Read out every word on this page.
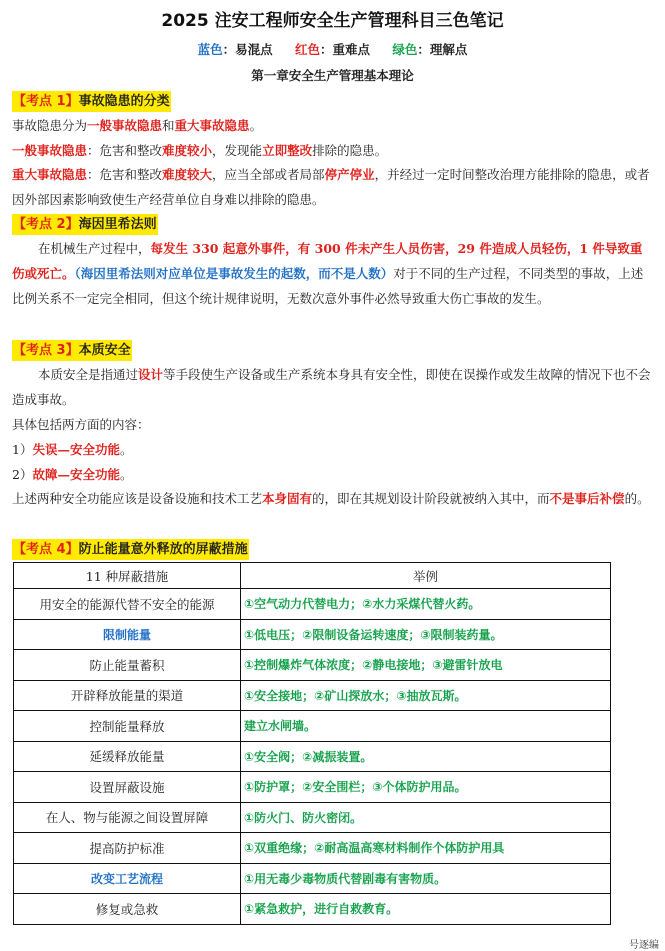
2025 注安工程师安全生产管理科目三色笔记
蓝色：易混点 红色：重难点 绿色：理解点
第一章安全生产管理基本理论
【考点 1】事故隐患的分类
事故隐患分为一般事故隐患和重大事故隐患。
一般事故隐患：危害和整改难度较小，发现能立即整改排除的隐患。
重大事故隐患：危害和整改难度较大，应当全部或者局部停产停业，并经过一定时间整改治理方能排除的隐患，或者因外部因素影响致使生产经营单位自身难以排除的隐患。
【考点 2】海因里希法则
在机械生产过程中，每发生 330 起意外事件，有 300 件未产生人员伤害，29 件造成人员轻伤，1 件导致重伤或死亡。（海因里希法则对应单位是事故发生的起数，而不是人数）对于不同的生产过程，不同类型的事故，上述比例关系不一定完全相同，但这个统计规律说明，无数次意外事件必然导致重大伤亡事故的发生。
【考点 3】本质安全
本质安全是指通过设计等手段使生产设备或生产系统本身具有安全性，即使在误操作或发生故障的情况下也不会造成事故。
具体包括两方面的内容：
1）失误—安全功能。
2）故障—安全功能。
上述两种安全功能应该是设备设施和技术工艺本身固有的，即在其规划设计阶段就被纳入其中，而不是事后补偿的。
【考点 4】防止能量意外释放的屏蔽措施
11 种屏蔽措施	举例
用安全的能源代替不安全的能源	①空气动力代替电力；②水力采煤代替火药。
限制能量	①低电压；②限制设备运转速度；③限制装药量。
防止能量蓄积	①控制爆炸气体浓度；②静电接地；③避雷针放电
开辟释放能量的渠道	①安全接地；②矿山探放水；③抽放瓦斯。
控制能量释放	建立水闸墙。
延缓释放能量	①安全阀；②减振装置。
设置屏蔽设施	①防护罩；②安全围栏；③个体防护用品。
在人、物与能源之间设置屏障	①防火门、防火密闭。
提高防护标准	①双重绝缘；②耐高温高寒材料制作个体防护用具
改变工艺流程	①用无毒少毒物质代替剧毒有害物质。
修复或急救	①紧急救护，进行自救教育。
号逐编
